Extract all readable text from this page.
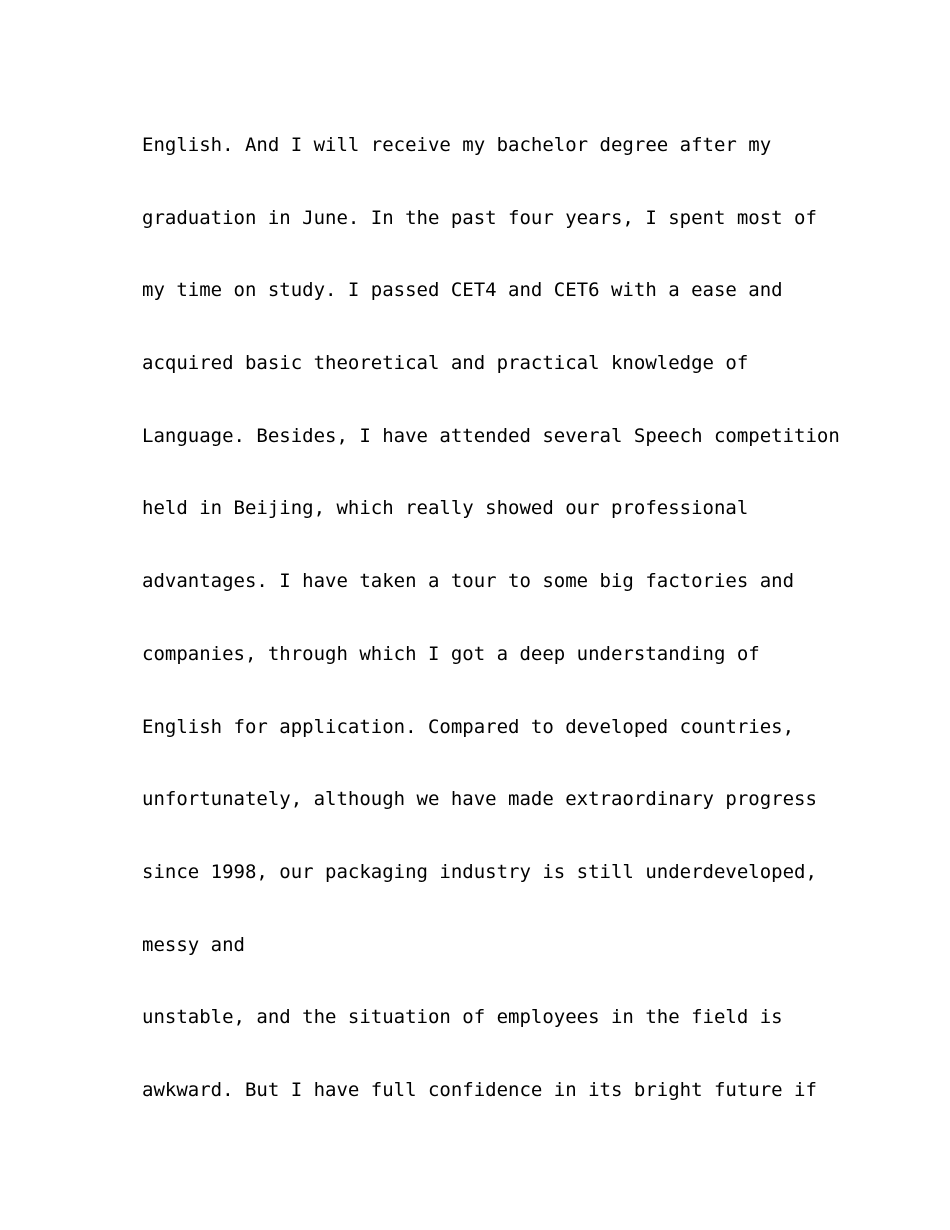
English. And I will receive my bachelor degree after my
graduation in June. In the past four years, I spent most of
my time on study. I passed CET4 and CET6 with a ease and
acquired basic theoretical and practical knowledge of
Language. Besides, I have attended several Speech competition
held in Beijing, which really showed our professional
advantages. I have taken a tour to some big factories and
companies, through which I got a deep understanding of
English for application. Compared to developed countries,
unfortunately, although we have made extraordinary progress
since 1998, our packaging industry is still underdeveloped,
messy and
unstable, and the situation of employees in the field is
awkward. But I have full confidence in its bright future if
